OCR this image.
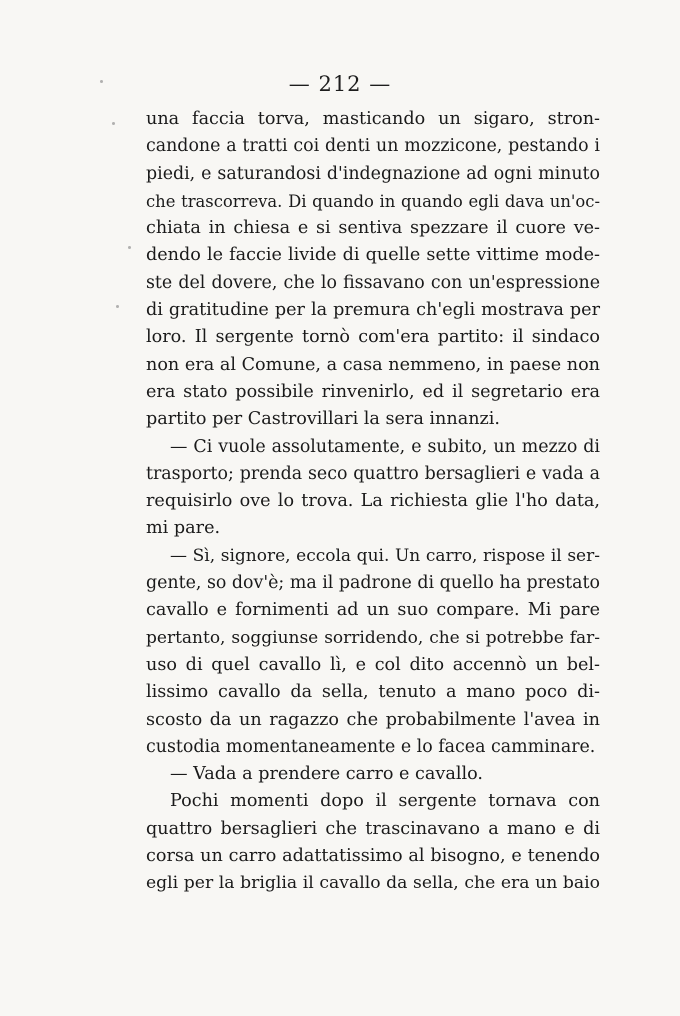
— 212 —
una faccia torva, masticando un sigaro, stron-
candone a tratti coi denti un mozzicone, pestando i
piedi, e saturandosi d'indegnazione ad ogni minuto
che trascorreva. Di quando in quando egli dava un'oc-
chiata in chiesa e si sentiva spezzare il cuore ve-
dendo le faccie livide di quelle sette vittime mode-
ste del dovere, che lo fissavano con un'espressione
di gratitudine per la premura ch'egli mostrava per
loro. Il sergente tornò com'era partito: il sindaco
non era al Comune, a casa nemmeno, in paese non
era stato possibile rinvenirlo, ed il segretario era
partito per Castrovillari la sera innanzi.
— Ci vuole assolutamente, e subito, un mezzo di
trasporto; prenda seco quattro bersaglieri e vada a
requisirlo ove lo trova. La richiesta glie l'ho data,
mi pare.
— Sì, signore, eccola qui. Un carro, rispose il ser-
gente, so dov'è; ma il padrone di quello ha prestato
cavallo e fornimenti ad un suo compare. Mi pare
pertanto, soggiunse sorridendo, che si potrebbe far-
uso di quel cavallo lì, e col dito accennò un bel-
lissimo cavallo da sella, tenuto a mano poco di-
scosto da un ragazzo che probabilmente l'avea in
custodia momentaneamente e lo facea camminare.
— Vada a prendere carro e cavallo.
Pochi momenti dopo il sergente tornava con
quattro bersaglieri che trascinavano a mano e di
corsa un carro adattatissimo al bisogno, e tenendo
egli per la briglia il cavallo da sella, che era un baio
